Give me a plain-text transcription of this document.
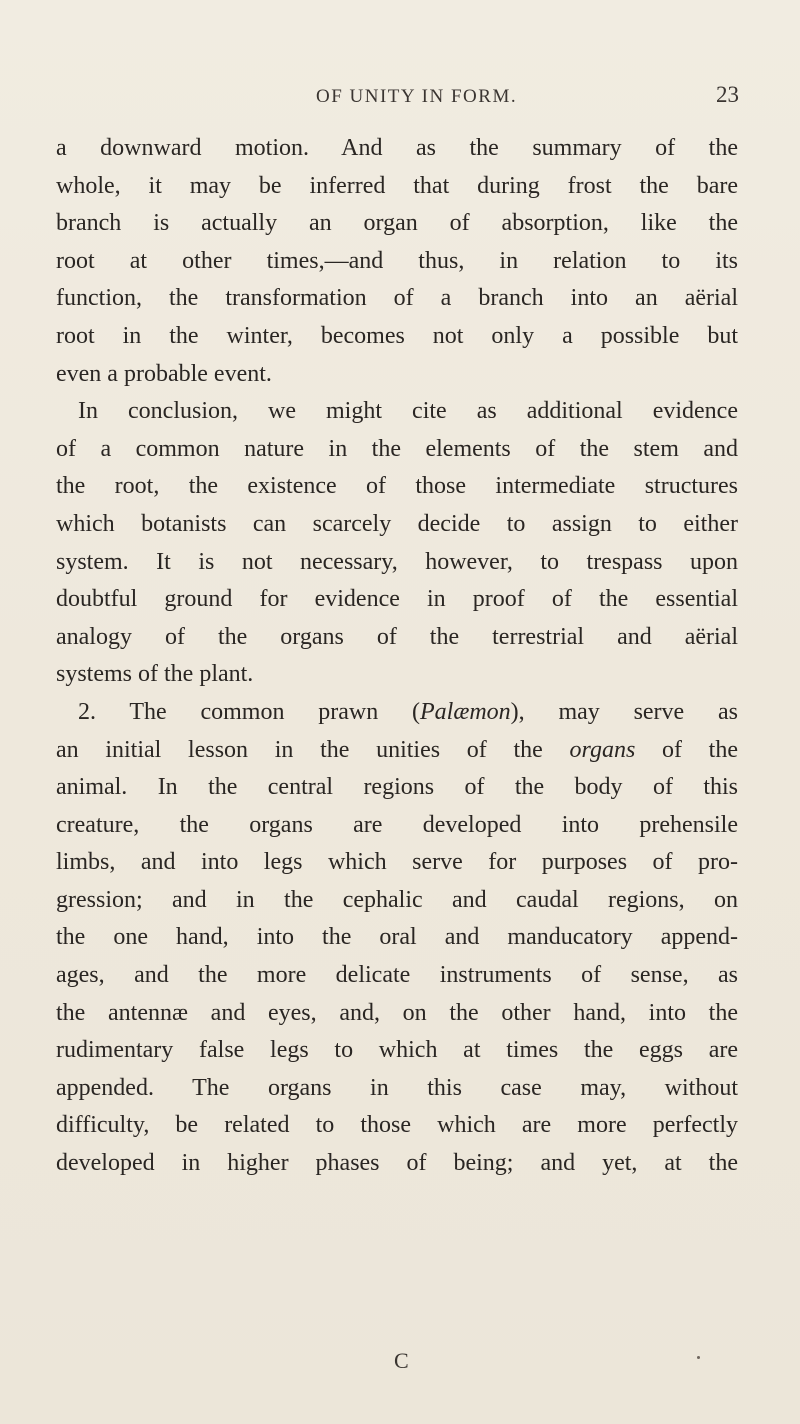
OF UNITY IN FORM.	23
a downward motion. And as the summary of the
whole, it may be inferred that during frost the bare
branch is actually an organ of absorption, like the
root at other times,—and thus, in relation to its
function, the transformation of a branch into an aërial
root in the winter, becomes not only a possible but
even a probable event.
In conclusion, we might cite as additional evidence
of a common nature in the elements of the stem and
the root, the existence of those intermediate structures
which botanists can scarcely decide to assign to either
system. It is not necessary, however, to trespass upon
doubtful ground for evidence in proof of the essential
analogy of the organs of the terrestrial and aërial
systems of the plant.
2. The common prawn (Palæmon), may serve as
an initial lesson in the unities of the organs of the
animal. In the central regions of the body of this
creature, the organs are developed into prehensile
limbs, and into legs which serve for purposes of pro-
gression; and in the cephalic and caudal regions, on
the one hand, into the oral and manducatory append-
ages, and the more delicate instruments of sense, as
the antennæ and eyes, and, on the other hand, into the
rudimentary false legs to which at times the eggs are
appended. The organs in this case may, without
difficulty, be related to those which are more perfectly
developed in higher phases of being; and yet, at the
C
